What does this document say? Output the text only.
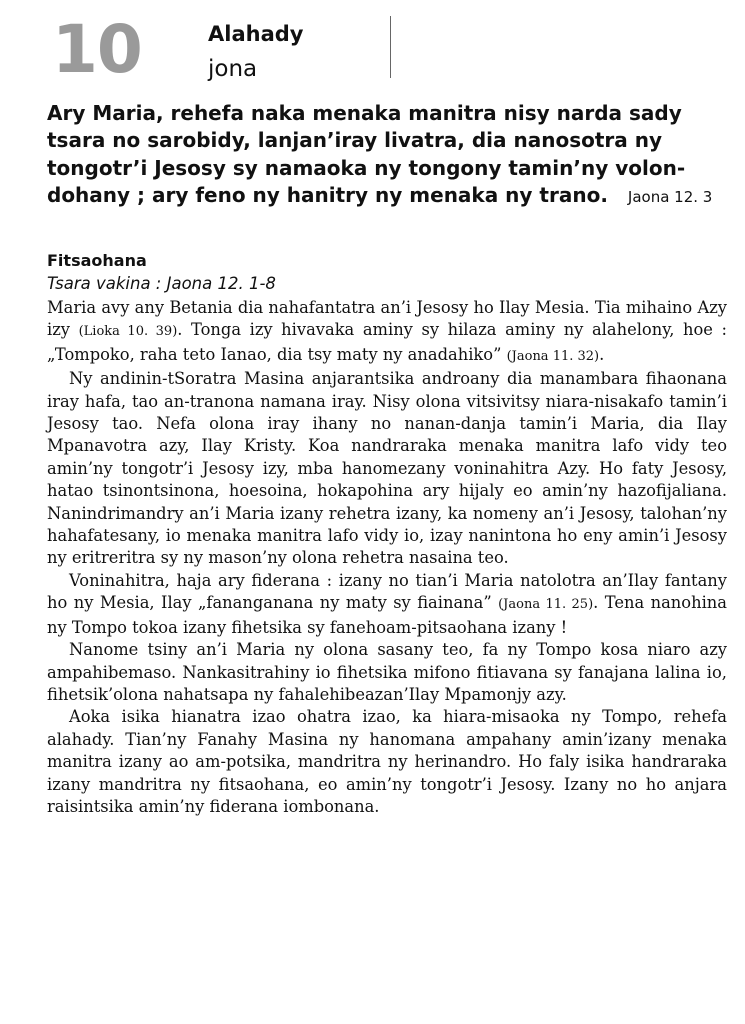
10	Alahady
jona
Ary Maria, rehefa naka menaka manitra nisy narda sady tsara no sarobidy, lanjan’iray livatra, dia nanosotra ny tongotr’i Jesosy sy namaoka ny tongony tamin’ny volon-dohany ; ary feno ny hanitry ny menaka ny trano. Jaona 12. 3
Fitsaohana
Tsara vakina : Jaona 12. 1-8

Maria avy any Betania dia nahafantatra an’i Jesosy ho Ilay Mesia. Tia mihaino Azy izy (Lioka 10. 39). Tonga izy hivavaka aminy sy hilaza aminy ny alahelony, hoe : „Tompoko, raha teto Ianao, dia tsy maty ny anadahiko” (Jaona 11. 32).

Ny andinin-tSoratra Masina anjarantsika androany dia manambara fihaonana iray hafa, tao an-tranona namana iray. Nisy olona vitsivitsy niara-nisakafo tamin’i Jesosy tao. Nefa olona iray ihany no nanan-danja tamin’i Maria, dia Ilay Mpanavotra azy, Ilay Kristy. Koa nandraraka menaka manitra lafo vidy teo amin’ny tongotr’i Jesosy izy, mba hanomezany voninahitra Azy. Ho faty Jesosy, hatao tsinontsinona, hoesoina, hokapohina ary hijaly eo amin’ny hazofijaliana. Nanindrimandry an’i Maria izany rehetra izany, ka nomeny an’i Jesosy, talohan’ny hahafatesany, io menaka manitra lafo vidy io, izay nanintona ho eny amin’i Jesosy ny eritreritra sy ny mason’ny olona rehetra nasaina teo.

Voninahitra, haja ary fiderana : izany no tian’i Maria natolotra an’Ilay fantany ho ny Mesia, Ilay „fananganana ny maty sy fiainana” (Jaona 11. 25). Tena nanohina ny Tompo tokoa izany fihetsika sy fanehoam-pitsaohana izany !

Nanome tsiny an’i Maria ny olona sasany teo, fa ny Tompo kosa niaro azy ampahibemaso. Nankasitrahiny io fihetsika mifono fitiavana sy fanajana lalina io, fihetsik’olona nahatsapa ny fahalehibeazan’Ilay Mpamonjy azy.

Aoka isika hianatra izao ohatra izao, ka hiara-misaoka ny Tompo, rehefa alahady. Tian’ny Fanahy Masina ny hanomana ampahany amin’izany menaka manitra izany ao am-potsika, mandritra ny herinandro. Ho faly isika handraraka izany mandritra ny fitsaohana, eo amin’ny tongotr’i Jesosy. Izany no ho anjara raisintsika amin’ny fiderana iombonana.
